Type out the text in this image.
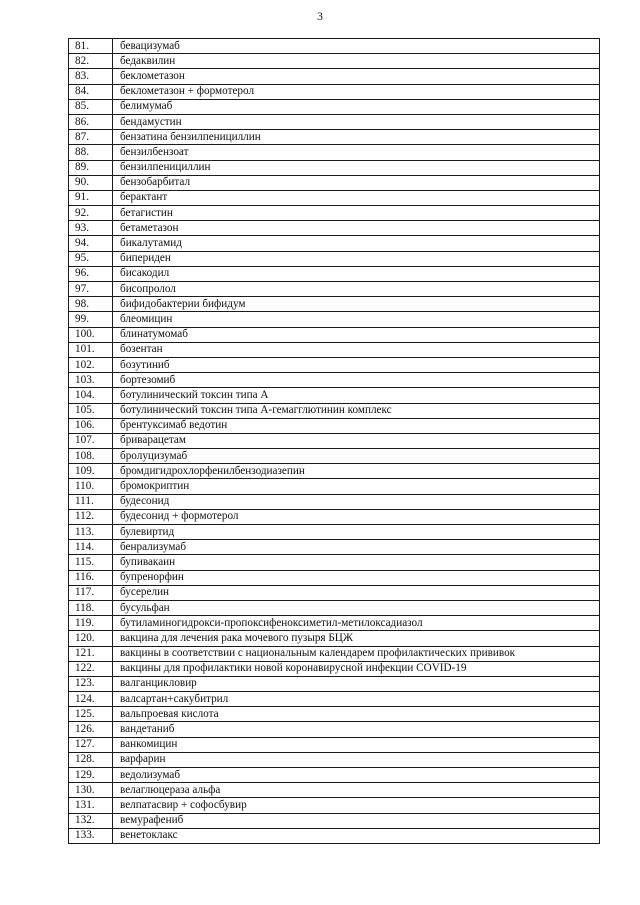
3
81.	бевацизумаб
82.	бедаквилин
83.	беклометазон
84.	беклометазон + формотерол
85.	белимумаб
86.	бендамустин
87.	бензатина бензилпенициллин
88.	бензилбензоат
89.	бензилпенициллин
90.	бензобарбитал
91.	берактант
92.	бетагистин
93.	бетаметазон
94.	бикалутамид
95.	бипериден
96.	бисакодил
97.	бисопролол
98.	бифидобактерии бифидум
99.	блеомицин
100.	блинатумомаб
101.	бозентан
102.	бозутиниб
103.	бортезомиб
104.	ботулинический токсин типа А
105.	ботулинический токсин типа А-гемагглютинин комплекс
106.	брентуксимаб ведотин
107.	бриварацетам
108.	бролуцизумаб
109.	бромдигидрохлорфенилбензодиазепин
110.	бромокриптин
111.	будесонид
112.	будесонид + формотерол
113.	булевиртид
114.	бенрализумаб
115.	бупивакаин
116.	бупренорфин
117.	бусерелин
118.	бусульфан
119.	бутиламиногидрокси-пропоксифеноксиметил-метилоксадиазол
120.	вакцина для лечения рака мочевого пузыря БЦЖ
121.	вакцины в соответствии с национальным календарем профилактических прививок
122.	вакцины для профилактики новой коронавирусной инфекции COVID-19
123.	валганцикловир
124.	валсартан+сакубитрил
125.	вальпроевая кислота
126.	вандетаниб
127.	ванкомицин
128.	варфарин
129.	ведолизумаб
130.	велаглюцераза альфа
131.	велпатасвир + софосбувир
132.	вемурафениб
133.	венетоклакс
